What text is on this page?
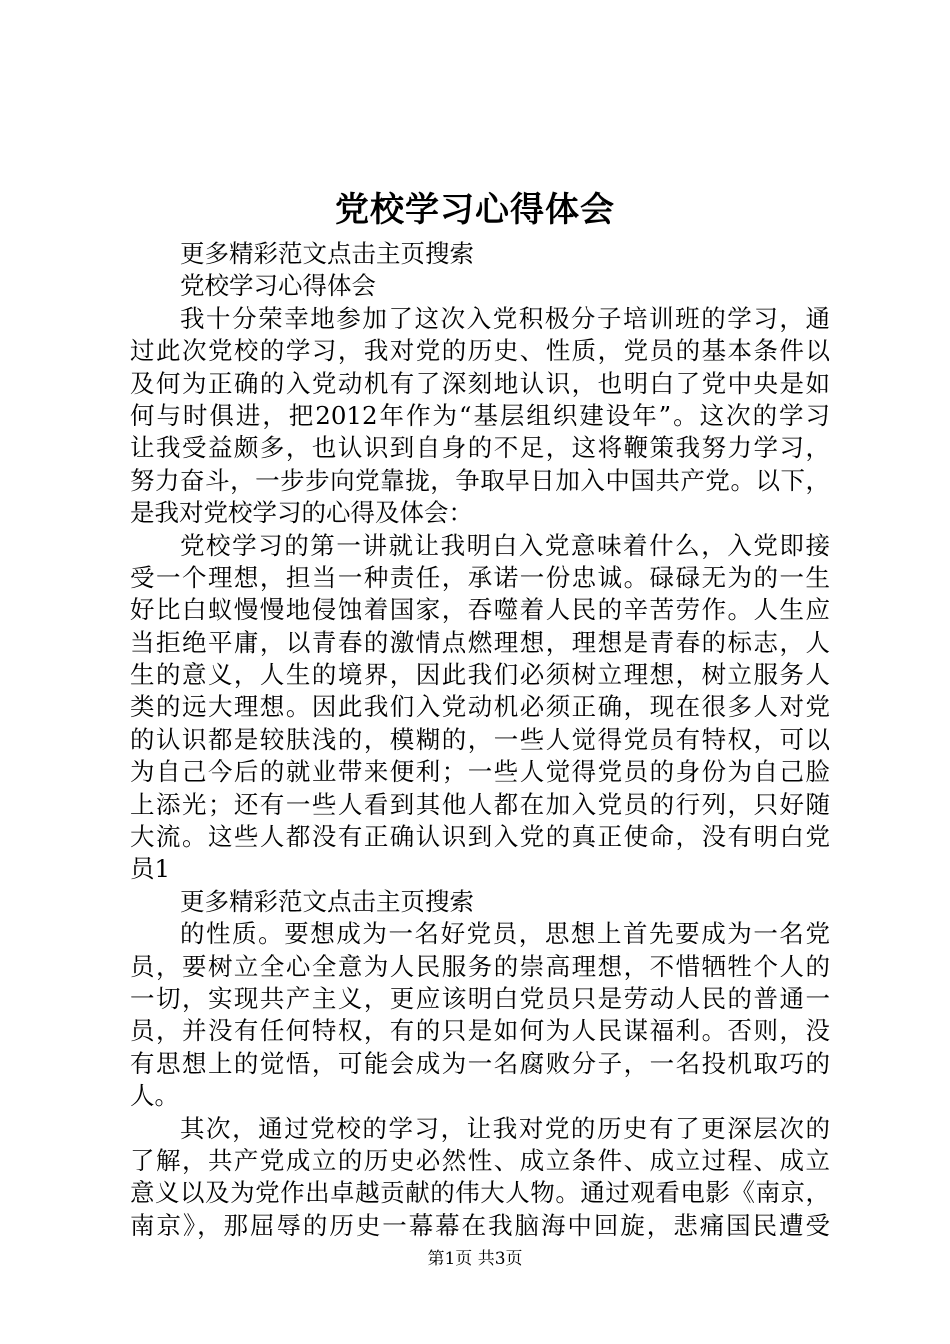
党校学习心得体会
更多精彩范文点击主页搜索
党校学习心得体会
我十分荣幸地参加了这次入党积极分子培训班的学习，通
过此次党校的学习，我对党的历史、性质，党员的基本条件以
及何为正确的入党动机有了深刻地认识，也明白了党中央是如
何与时俱进，把2012年作为“基层组织建设年”。这次的学习
让我受益颇多，也认识到自身的不足，这将鞭策我努力学习，
努力奋斗，一步步向党靠拢，争取早日加入中国共产党。以下，
是我对党校学习的心得及体会：
党校学习的第一讲就让我明白入党意味着什么，入党即接
受一个理想，担当一种责任，承诺一份忠诚。碌碌无为的一生
好比白蚁慢慢地侵蚀着国家，吞噬着人民的辛苦劳作。人生应
当拒绝平庸，以青春的激情点燃理想，理想是青春的标志，人
生的意义，人生的境界，因此我们必须树立理想，树立服务人
类的远大理想。因此我们入党动机必须正确，现在很多人对党
的认识都是较肤浅的，模糊的，一些人觉得党员有特权，可以
为自己今后的就业带来便利；一些人觉得党员的身份为自己脸
上添光；还有一些人看到其他人都在加入党员的行列，只好随
大流。这些人都没有正确认识到入党的真正使命，没有明白党
员1
更多精彩范文点击主页搜索
的性质。要想成为一名好党员，思想上首先要成为一名党
员，要树立全心全意为人民服务的崇高理想，不惜牺牲个人的
一切，实现共产主义，更应该明白党员只是劳动人民的普通一
员，并没有任何特权，有的只是如何为人民谋福利。否则，没
有思想上的觉悟，可能会成为一名腐败分子，一名投机取巧的
人。
其次，通过党校的学习，让我对党的历史有了更深层次的
了解，共产党成立的历史必然性、成立条件、成立过程、成立
意义以及为党作出卓越贡献的伟大人物。通过观看电影《南京，
南京》，那屈辱的历史一幕幕在我脑海中回旋，悲痛国民遭受
第1页 共3页
